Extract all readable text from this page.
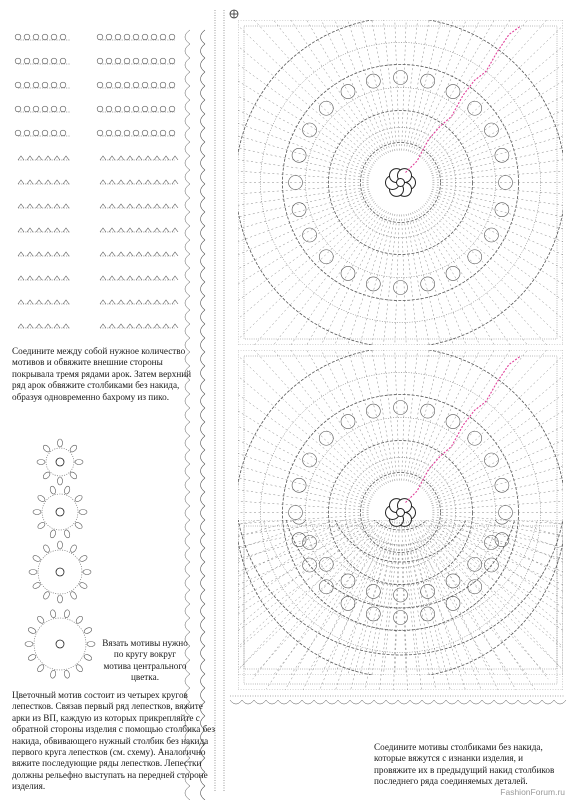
Соедините между собой нужное количество мотивов и обвяжите внешние стороны покрывала тремя рядами арок. Затем верхний ряд арок обвяжите столбиками без накида, образуя одновременно бахрому из пико.
Вязать мотивы нужно по кругу вокруг мотива центрального цветка.
Цветочный мотив состоит из четырех кругов лепестков. Связав первый ряд лепестков, вяжите арки из ВП, каждую из которых прикрепляйте с обратной стороны изделия с помощью столбика без накида, обвивающего нужный столбик без накида первого круга лепестков (см. схему). Аналогично вяжите последующие ряды лепестков. Лепестки должны рельефно выступать на передней стороне изделия.
Соедините мотивы столбиками без накида, которые вяжутся с изнанки изделия, и провяжите их в предыдущий накид столбиков последнего ряда соединяемых деталей.
FashionForum.ru
